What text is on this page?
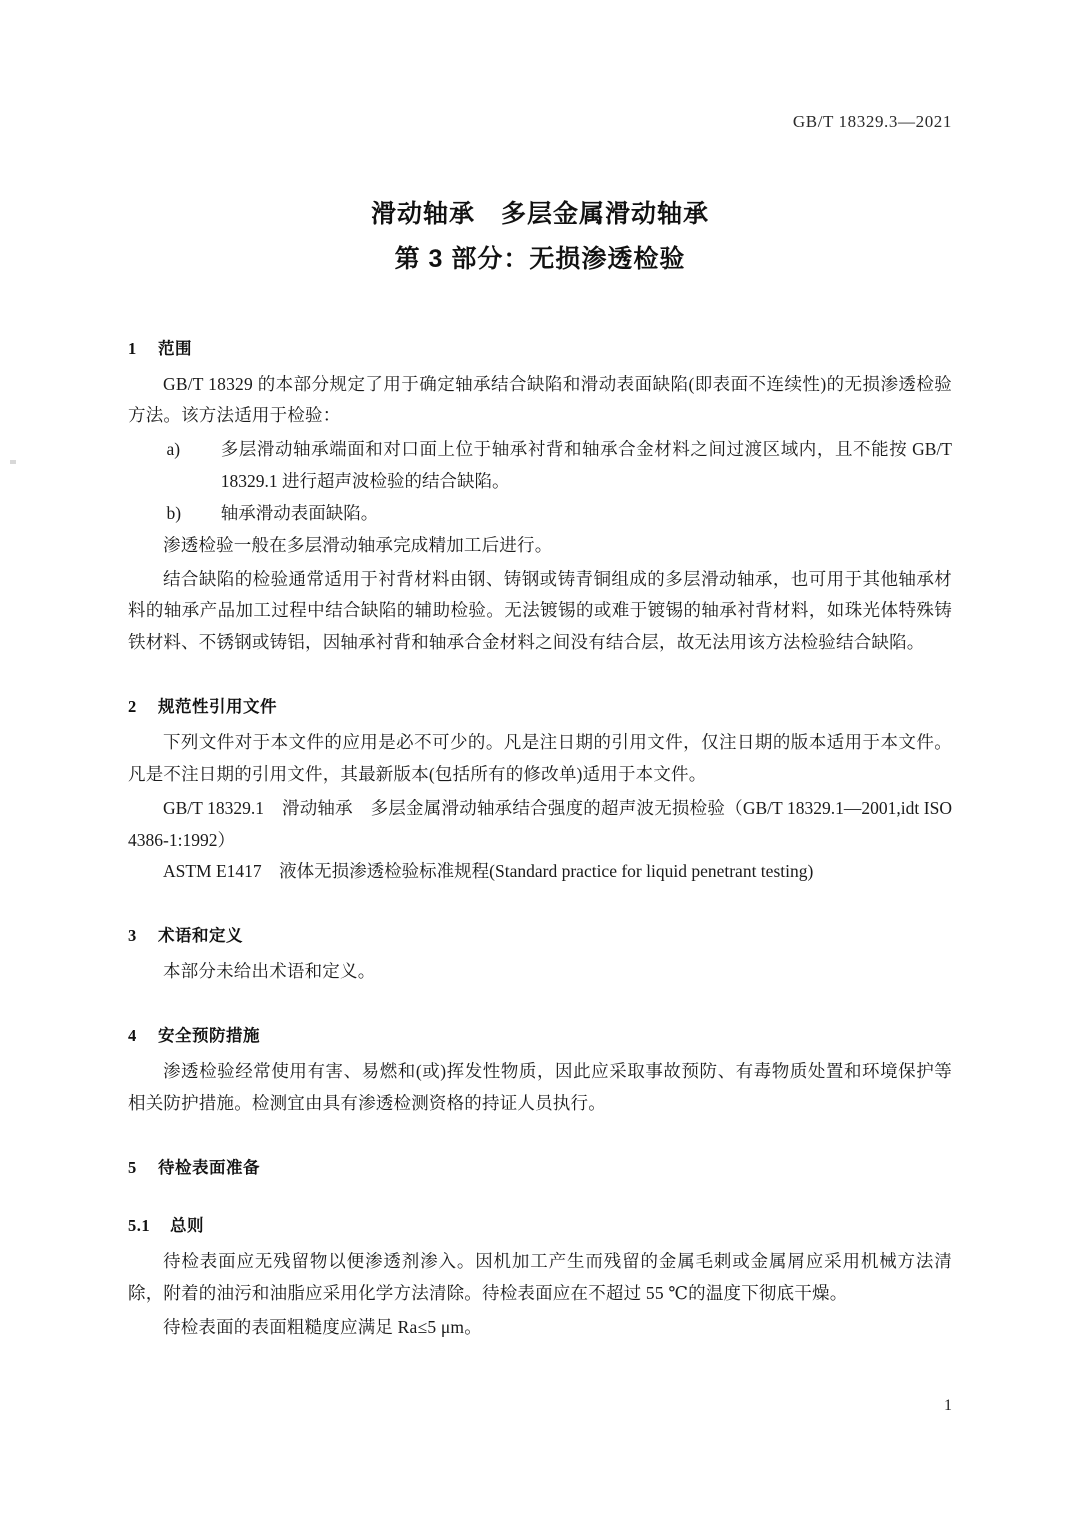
GB/T 18329.3—2021
滑动轴承　多层金属滑动轴承
第 3 部分：无损渗透检验
1 范围

GB/T 18329 的本部分规定了用于确定轴承结合缺陷和滑动表面缺陷(即表面不连续性)的无损渗透检验方法。该方法适用于检验：

a)	多层滑动轴承端面和对口面上位于轴承衬背和轴承合金材料之间过渡区域内，且不能按 GB/T 18329.1 进行超声波检验的结合缺陷。
b)	轴承滑动表面缺陷。

渗透检验一般在多层滑动轴承完成精加工后进行。

结合缺陷的检验通常适用于衬背材料由钢、铸钢或铸青铜组成的多层滑动轴承，也可用于其他轴承材料的轴承产品加工过程中结合缺陷的辅助检验。无法镀锡的或难于镀锡的轴承衬背材料，如珠光体特殊铸铁材料、不锈钢或铸铝，因轴承衬背和轴承合金材料之间没有结合层，故无法用该方法检验结合缺陷。

2 规范性引用文件

下列文件对于本文件的应用是必不可少的。凡是注日期的引用文件，仅注日期的版本适用于本文件。凡是不注日期的引用文件，其最新版本(包括所有的修改单)适用于本文件。

GB/T 18329.1　滑动轴承　多层金属滑动轴承结合强度的超声波无损检验（GB/T 18329.1—2001,idt ISO 4386-1:1992）

ASTM E1417　液体无损渗透检验标准规程(Standard practice for liquid penetrant testing)

3 术语和定义

本部分未给出术语和定义。

4 安全预防措施

渗透检验经常使用有害、易燃和(或)挥发性物质，因此应采取事故预防、有毒物质处置和环境保护等相关防护措施。检测宜由具有渗透检测资格的持证人员执行。

5 待检表面准备
5.1 总则

待检表面应无残留物以便渗透剂渗入。因机加工产生而残留的金属毛刺或金属屑应采用机械方法清除，附着的油污和油脂应采用化学方法清除。待检表面应在不超过 55 ℃的温度下彻底干燥。

待检表面的表面粗糙度应满足 Ra≤5 μm。

1
